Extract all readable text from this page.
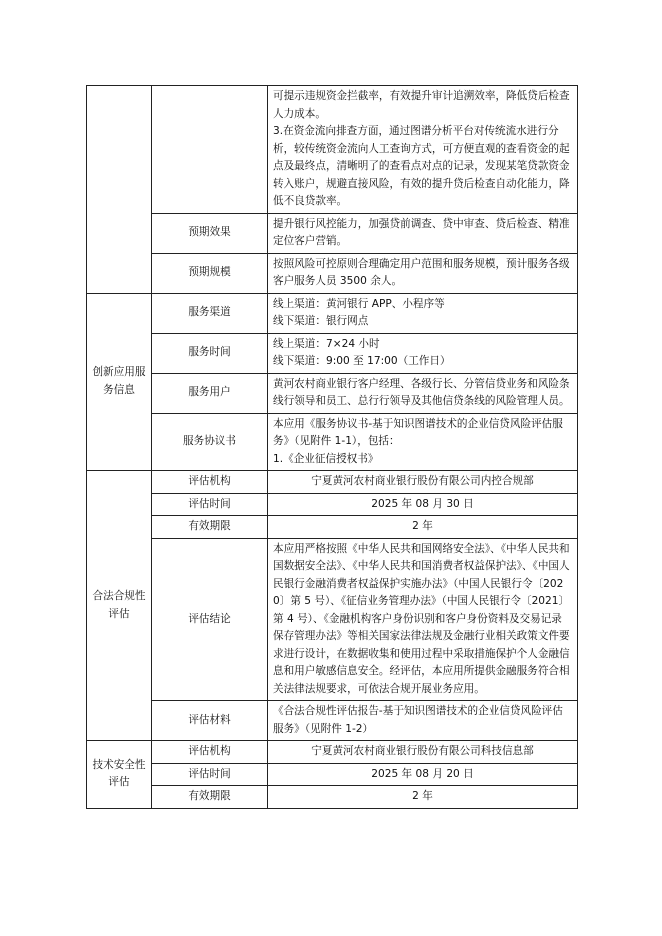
		可提示违规资金拦截率，有效提升审计追溯效率，降低贷后检查人力成本。
3.在资金流向排查方面，通过图谱分析平台对传统流水进行分析，较传统资金流向人工查询方式，可方便直观的查看资金的起点及最终点，清晰明了的查看点对点的记录，发现某笔贷款资金转入账户，规避直接风险，有效的提升贷后检查自动化能力，降低不良贷款率。

	预期效果	提升银行风控能力，加强贷前调查、贷中审查、贷后检查、精准定位客户营销。
	预期规模	按照风险可控原则合理确定用户范围和服务规模，预计服务各级客户服务人员 3500 余人。
创新应用服务信息	服务渠道	线上渠道：黄河银行 APP、小程序等
线下渠道：银行网点

	服务时间	线上渠道：7×24 小时
线下渠道：9:00 至 17:00（工作日）

	服务用户	黄河农村商业银行客户经理、各级行长、分管信贷业务和风险条线行领导和员工、总行行领导及其他信贷条线的风险管理人员。
	服务协议书	本应用《服务协议书-基于知识图谱技术的企业信贷风险评估服务》（见附件 1-1），包括：
1.《企业征信授权书》

合法合规性评估	评估机构	宁夏黄河农村商业银行股份有限公司内控合规部
	评估时间	2025 年 08 月 30 日
	有效期限	2 年
	评估结论	本应用严格按照《中华人民共和国网络安全法》、《中华人民共和国数据安全法》、《中华人民共和国消费者权益保护法》、《中国人民银行金融消费者权益保护实施办法》（中国人民银行令〔2020〕第 5 号）、《征信业务管理办法》（中国人民银行令〔2021〕第 4 号）、《金融机构客户身份识别和客户身份资料及交易记录保存管理办法》等相关国家法律法规及金融行业相关政策文件要求进行设计，在数据收集和使用过程中采取措施保护个人金融信息和用户敏感信息安全。经评估，本应用所提供金融服务符合相关法律法规要求，可依法合规开展业务应用。
	评估材料	《合法合规性评估报告-基于知识图谱技术的企业信贷风险评估服务》（见附件 1-2）
技术安全性评估	评估机构	宁夏黄河农村商业银行股份有限公司科技信息部
	评估时间	2025 年 08 月 20 日
	有效期限	2 年
